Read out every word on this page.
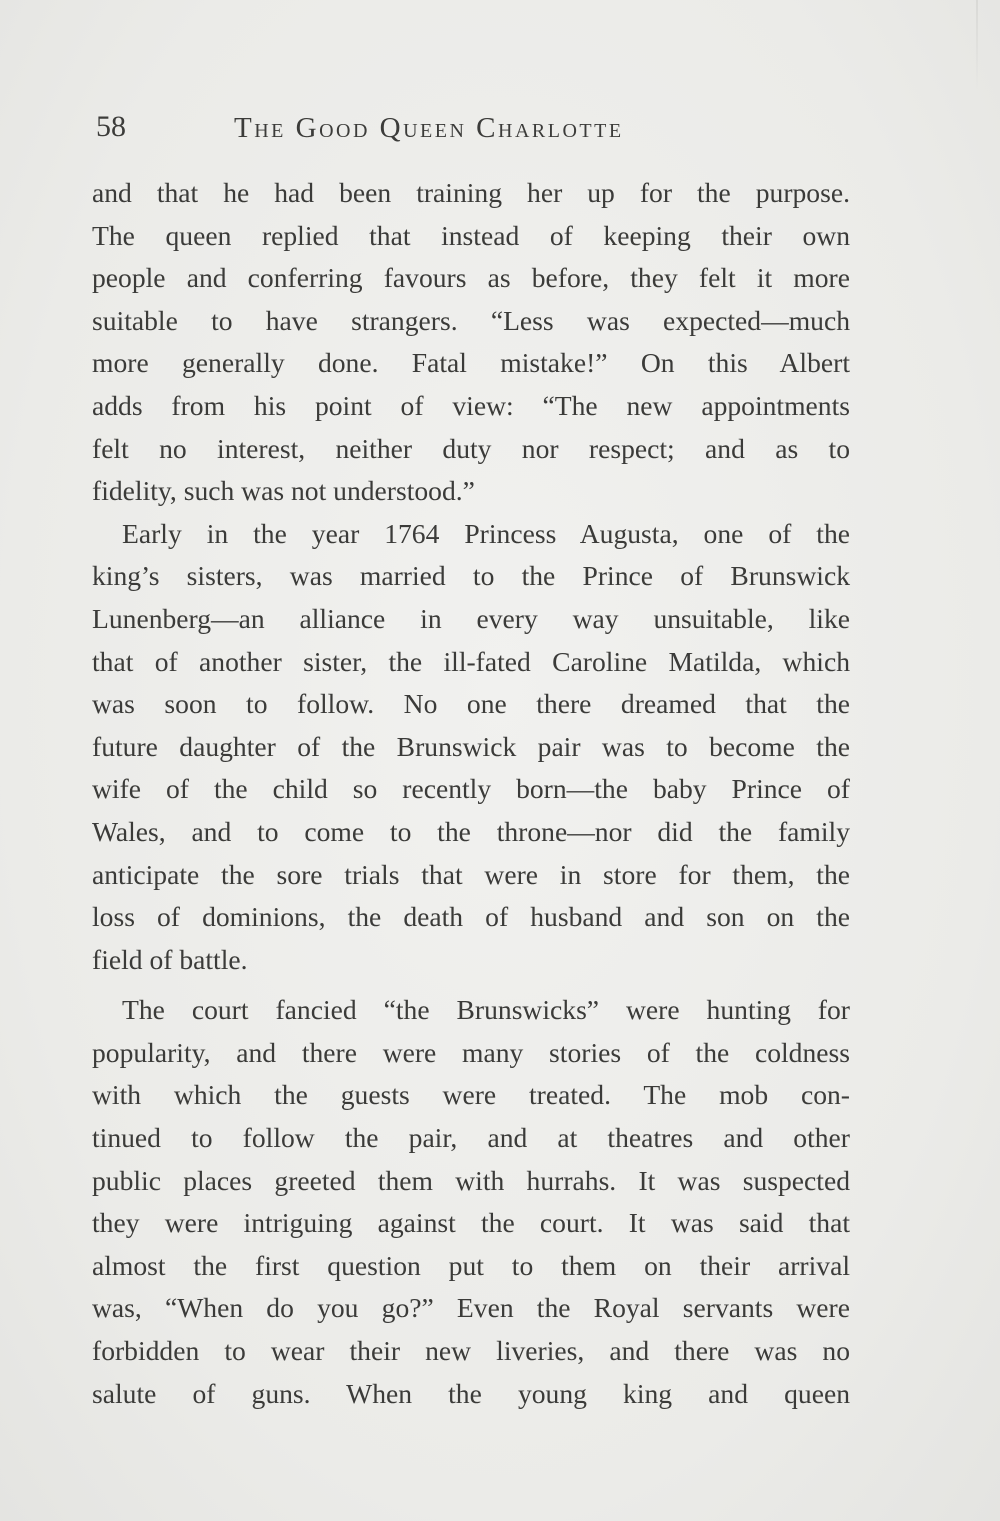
58	The Good Queen Charlotte
and that he had been training her up for the purpose.
The queen replied that instead of keeping their own
people and conferring favours as before, they felt it more
suitable to have strangers. “Less was expected—much
more generally done. Fatal mistake!” On this Albert
adds from his point of view: “The new appointments
felt no interest, neither duty nor respect; and as to
fidelity, such was not understood.”
Early in the year 1764 Princess Augusta, one of the
king’s sisters, was married to the Prince of Brunswick
Lunenberg—an alliance in every way unsuitable, like
that of another sister, the ill-fated Caroline Matilda, which
was soon to follow. No one there dreamed that the
future daughter of the Brunswick pair was to become the
wife of the child so recently born—the baby Prince of
Wales, and to come to the throne—nor did the family
anticipate the sore trials that were in store for them, the
loss of dominions, the death of husband and son on the
field of battle.
The court fancied “the Brunswicks” were hunting for
popularity, and there were many stories of the coldness
with which the guests were treated. The mob con-
tinued to follow the pair, and at theatres and other
public places greeted them with hurrahs. It was suspected
they were intriguing against the court. It was said that
almost the first question put to them on their arrival
was, “When do you go?” Even the Royal servants were
forbidden to wear their new liveries, and there was no
salute of guns. When the young king and queen
